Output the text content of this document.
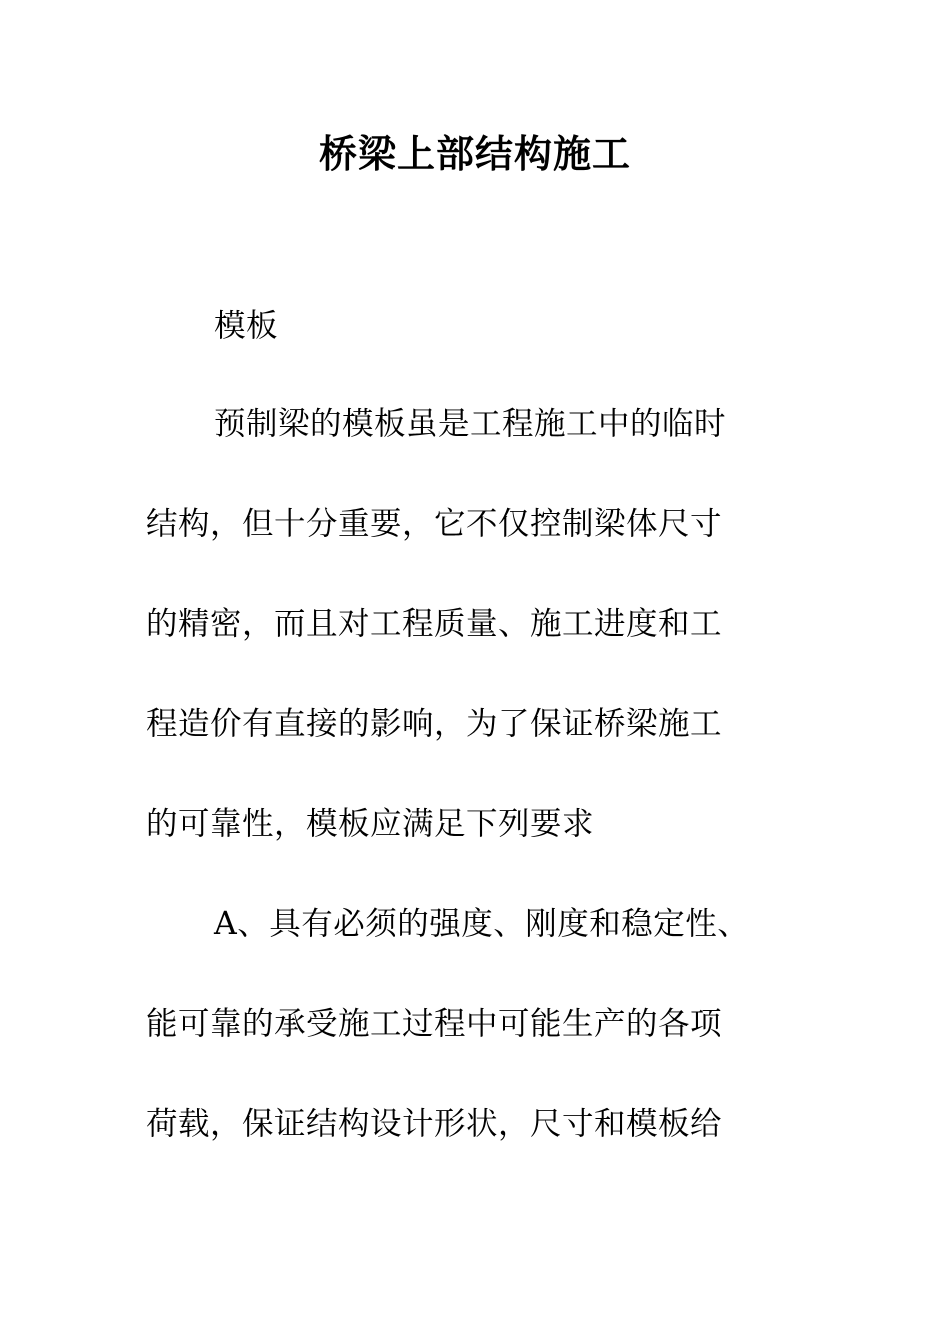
桥梁上部结构施工
模板
预制梁的模板虽是工程施工中的临时
结构，但十分重要，它不仅控制梁体尺寸
的精密，而且对工程质量、施工进度和工
程造价有直接的影响，为了保证桥梁施工
的可靠性，模板应满足下列要求
A、具有必须的强度、刚度和稳定性、
能可靠的承受施工过程中可能生产的各项
荷载，保证结构设计形状，尺寸和模板给
